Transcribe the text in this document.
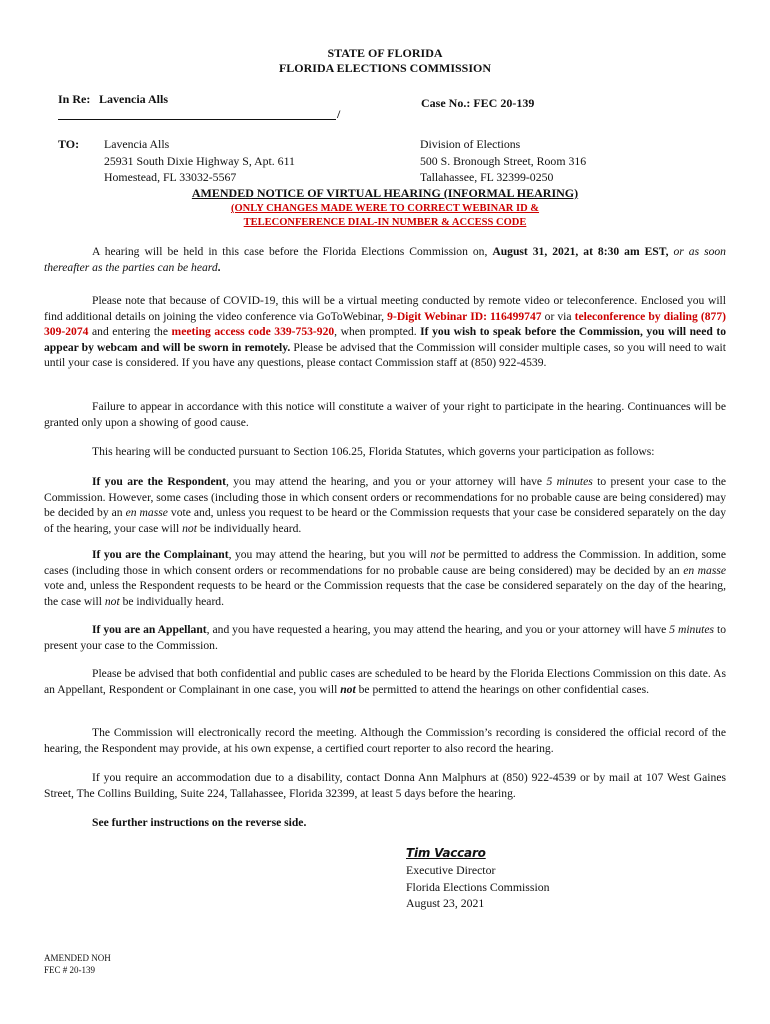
STATE OF FLORIDA
FLORIDA ELECTIONS COMMISSION
In Re: Lavencia Alls
/
Case No.: FEC 20-139
TO: Lavencia Alls
25931 South Dixie Highway S, Apt. 611
Homestead, FL 33032-5567
Division of Elections
500 S. Bronough Street, Room 316
Tallahassee, FL 32399-0250
AMENDED NOTICE OF VIRTUAL HEARING (INFORMAL HEARING)
(ONLY CHANGES MADE WERE TO CORRECT WEBINAR ID &
TELECONFERENCE DIAL-IN NUMBER & ACCESS CODE

A hearing will be held in this case before the Florida Elections Commission on, August 31, 2021, at 8:30 am EST, or as soon thereafter as the parties can be heard.

Please note that because of COVID-19, this will be a virtual meeting conducted by remote video or teleconference. Enclosed you will find additional details on joining the video conference via GoToWebinar, 9-Digit Webinar ID: 116499747 or via teleconference by dialing (877) 309-2074 and entering the meeting access code 339-753-920, when prompted. If you wish to speak before the Commission, you will need to appear by webcam and will be sworn in remotely. Please be advised that the Commission will consider multiple cases, so you will need to wait until your case is considered. If you have any questions, please contact Commission staff at (850) 922-4539.

Failure to appear in accordance with this notice will constitute a waiver of your right to participate in the hearing. Continuances will be granted only upon a showing of good cause.

This hearing will be conducted pursuant to Section 106.25, Florida Statutes, which governs your participation as follows:

If you are the Respondent, you may attend the hearing, and you or your attorney will have 5 minutes to present your case to the Commission. However, some cases (including those in which consent orders or recommendations for no probable cause are being considered) may be decided by an en masse vote and, unless you request to be heard or the Commission requests that your case be considered separately on the day of the hearing, your case will not be individually heard.

If you are the Complainant, you may attend the hearing, but you will not be permitted to address the Commission. In addition, some cases (including those in which consent orders or recommendations for no probable cause are being considered) may be decided by an en masse vote and, unless the Respondent requests to be heard or the Commission requests that the case be considered separately on the day of the hearing, the case will not be individually heard.

If you are an Appellant, and you have requested a hearing, you may attend the hearing, and you or your attorney will have 5 minutes to present your case to the Commission.

Please be advised that both confidential and public cases are scheduled to be heard by the Florida Elections Commission on this date. As an Appellant, Respondent or Complainant in one case, you will not be permitted to attend the hearings on other confidential cases.

The Commission will electronically record the meeting. Although the Commission’s recording is considered the official record of the hearing, the Respondent may provide, at his own expense, a certified court reporter to also record the hearing.

If you require an accommodation due to a disability, contact Donna Ann Malphurs at (850) 922-4539 or by mail at 107 West Gaines Street, The Collins Building, Suite 224, Tallahassee, Florida 32399, at least 5 days before the hearing.

See further instructions on the reverse side.

Tim Vaccaro
Executive Director
Florida Elections Commission
August 23, 2021
AMENDED NOH
FEC # 20-139
